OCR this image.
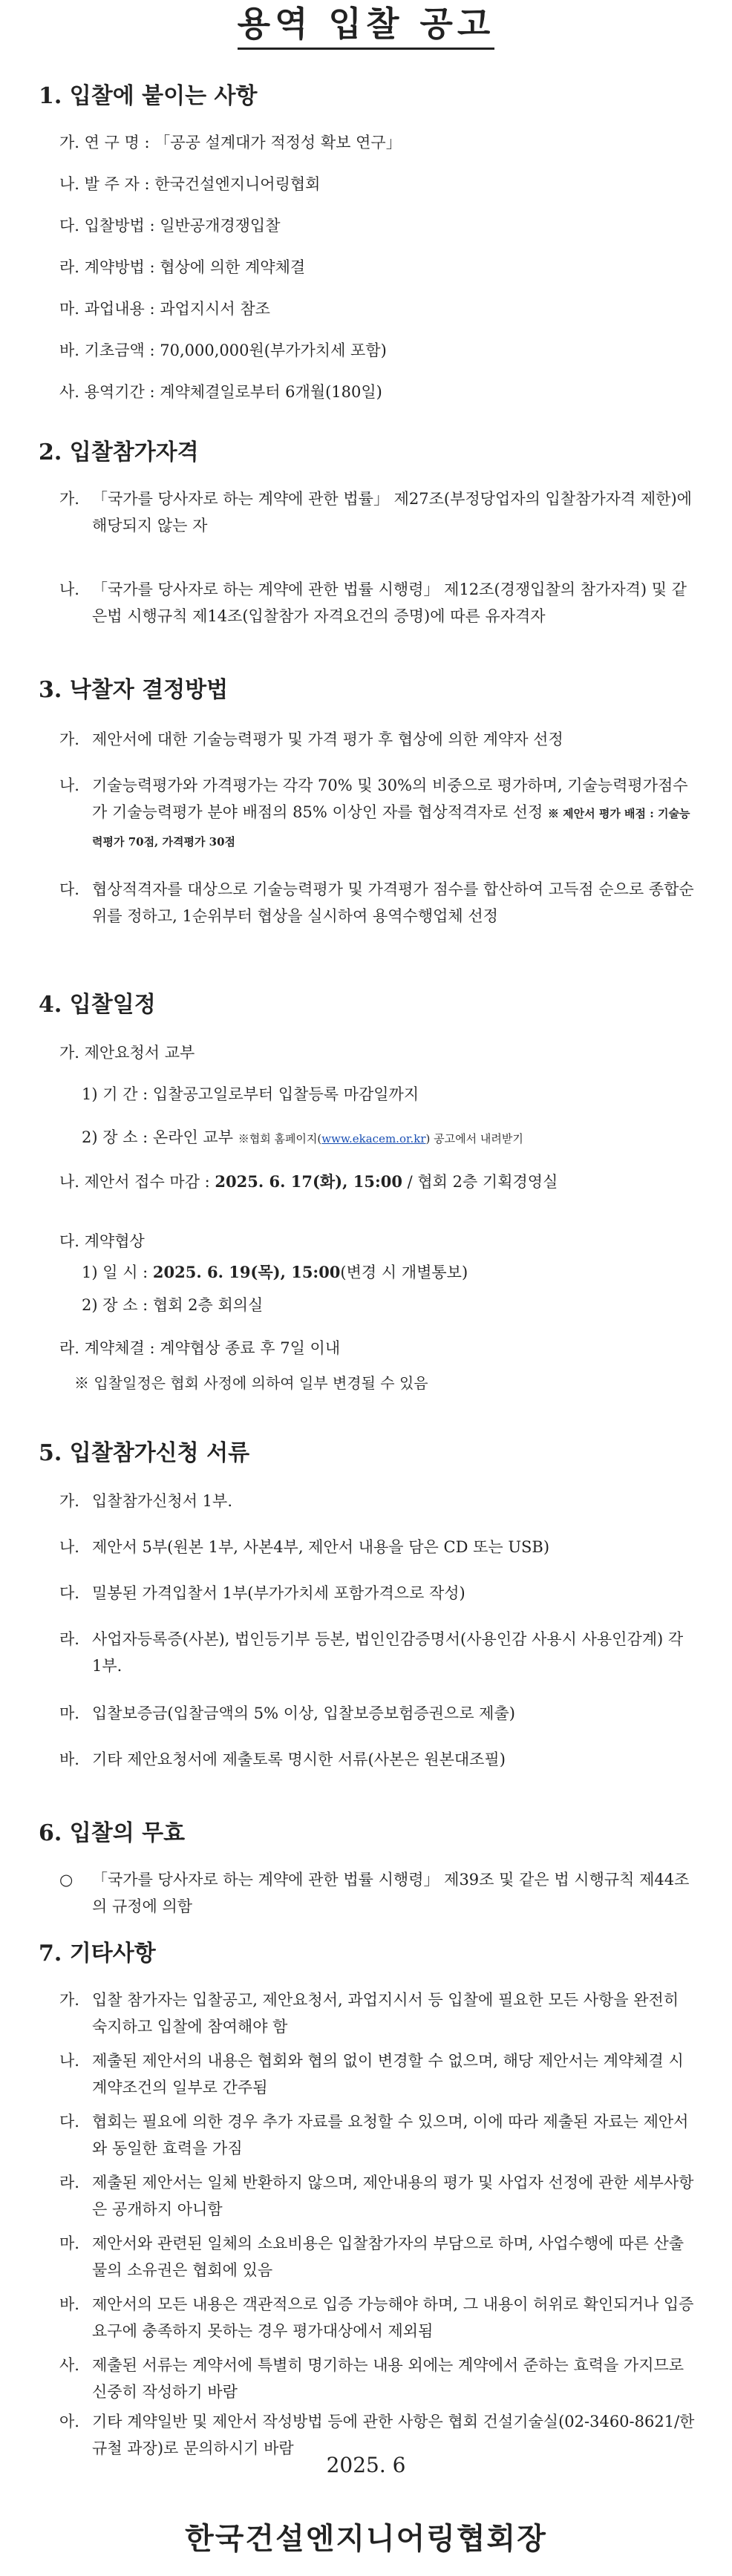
용역 입찰 공고
1. 입찰에 붙이는 사항
가. 연 구 명 : 「공공 설계대가 적정성 확보 연구」
나. 발 주 자 : 한국건설엔지니어링협회
다. 입찰방법 : 일반공개경쟁입찰
라. 계약방법 : 협상에 의한 계약체결
마. 과업내용 : 과업지시서 참조
바. 기초금액 : 70,000,000원(부가가치세 포함)
사. 용역기간 : 계약체결일로부터 6개월(180일)
2. 입찰참가자격
가. 「국가를 당사자로 하는 계약에 관한 법률」 제27조(부정당업자의 입찰참가자격 제한)에 해당되지 않는 자
나. 「국가를 당사자로 하는 계약에 관한 법률 시행령」 제12조(경쟁입찰의 참가자격) 및 같은법 시행규칙 제14조(입찰참가 자격요건의 증명)에 따른 유자격자
3. 낙찰자 결정방법
가. 제안서에 대한 기술능력평가 및 가격 평가 후 협상에 의한 계약자 선정
나. 기술능력평가와 가격평가는 각각 70% 및 30%의 비중으로 평가하며, 기술능력평가점수가 기술능력평가 분야 배점의 85% 이상인 자를 협상적격자로 선정 ※ 제안서 평가 배점 : 기술능력평가 70점, 가격평가 30점
다. 협상적격자를 대상으로 기술능력평가 및 가격평가 점수를 합산하여 고득점 순으로 종합순위를 정하고, 1순위부터 협상을 실시하여 용역수행업체 선정
4. 입찰일정
가. 제안요청서 교부
1) 기 간 : 입찰공고일로부터 입찰등록 마감일까지
2) 장 소 : 온라인 교부 ※협회 홈페이지(www.ekacem.or.kr) 공고에서 내려받기
나. 제안서 접수 마감 : 2025. 6. 17(화), 15:00 / 협회 2층 기획경영실
다. 계약협상
1) 일 시 : 2025. 6. 19(목), 15:00(변경 시 개별통보)
2) 장 소 : 협회 2층 회의실
라. 계약체결 : 계약협상 종료 후 7일 이내
※ 입찰일정은 협회 사정에 의하여 일부 변경될 수 있음
5. 입찰참가신청 서류
가. 입찰참가신청서 1부.
나. 제안서 5부(원본 1부, 사본4부, 제안서 내용을 담은 CD 또는 USB)
다. 밀봉된 가격입찰서 1부(부가가치세 포함가격으로 작성)
라. 사업자등록증(사본), 법인등기부 등본, 법인인감증명서(사용인감 사용시 사용인감계) 각 1부.
마. 입찰보증금(입찰금액의 5% 이상, 입찰보증보험증권으로 제출)
바. 기타 제안요청서에 제출토록 명시한 서류(사본은 원본대조필)
6. 입찰의 무효
○	「국가를 당사자로 하는 계약에 관한 법률 시행령」 제39조 및 같은 법 시행규칙 제44조의 규정에 의함
7. 기타사항
가. 입찰 참가자는 입찰공고, 제안요청서, 과업지시서 등 입찰에 필요한 모든 사항을 완전히 숙지하고 입찰에 참여해야 함
나. 제출된 제안서의 내용은 협회와 협의 없이 변경할 수 없으며, 해당 제안서는 계약체결 시 계약조건의 일부로 간주됨
다. 협회는 필요에 의한 경우 추가 자료를 요청할 수 있으며, 이에 따라 제출된 자료는 제안서와 동일한 효력을 가짐
라. 제출된 제안서는 일체 반환하지 않으며, 제안내용의 평가 및 사업자 선정에 관한 세부사항은 공개하지 아니함
마. 제안서와 관련된 일체의 소요비용은 입찰참가자의 부담으로 하며, 사업수행에 따른 산출물의 소유권은 협회에 있음
바. 제안서의 모든 내용은 객관적으로 입증 가능해야 하며, 그 내용이 허위로 확인되거나 입증요구에 충족하지 못하는 경우 평가대상에서 제외됨
사. 제출된 서류는 계약서에 특별히 명기하는 내용 외에는 계약에서 준하는 효력을 가지므로 신중히 작성하기 바람
아. 기타 계약일반 및 제안서 작성방법 등에 관한 사항은 협회 건설기술실(02-3460-8621/한규철 과장)로 문의하시기 바람
2025. 6
한국건설엔지니어링협회장
